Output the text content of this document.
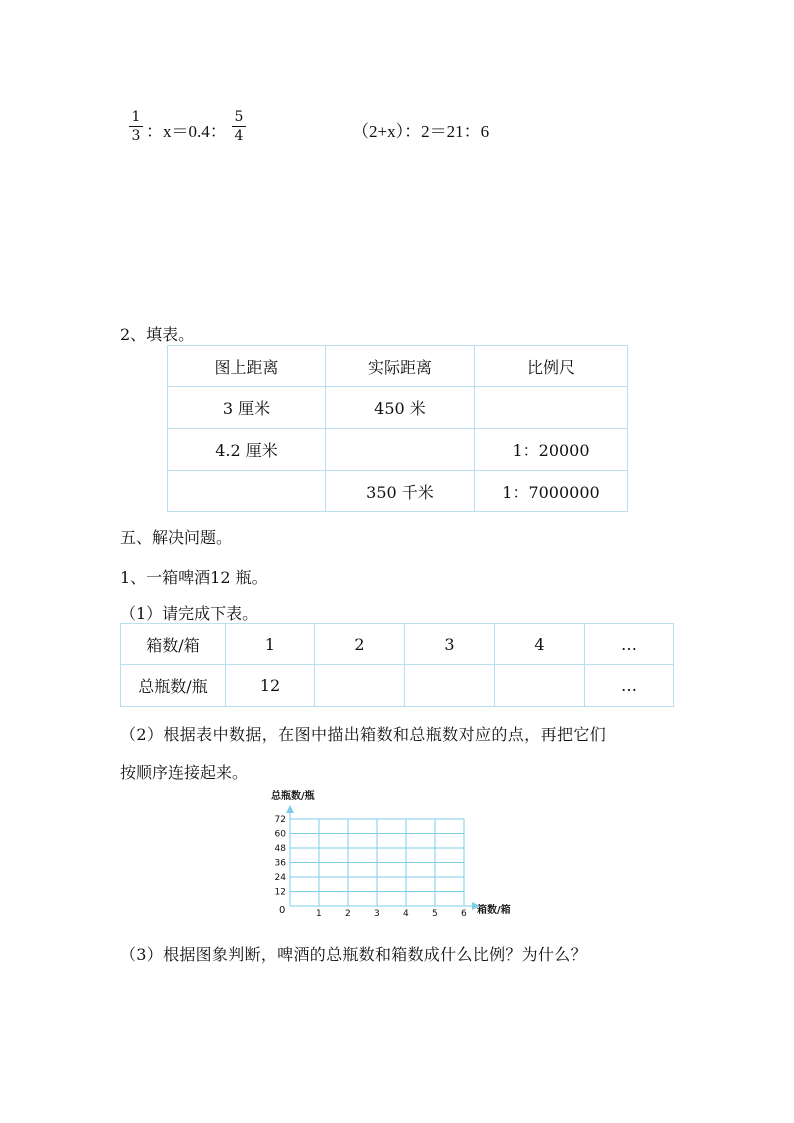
1
3 ：x＝0.4：
5
4	（2+x）：2＝21：6
2、填表。
图上距离	实际距离	比例尺
3 厘米	450 米	
4.2 厘米		1：20000
	350 千米	1：7000000
五、解决问题。
1、一箱啤酒12 瓶。
（1）请完成下表。
箱数/箱	1	2	3	4	…
总瓶数/瓶	12				…
（2）根据表中数据，在图中描出箱数和总瓶数对应的点，再把它们
按顺序连接起来。
总瓶数/瓶
箱数/箱
0	1	2	3	4	5	6
12
24
36
48
60
72
（3）根据图象判断，啤酒的总瓶数和箱数成什么比例？为什么？
